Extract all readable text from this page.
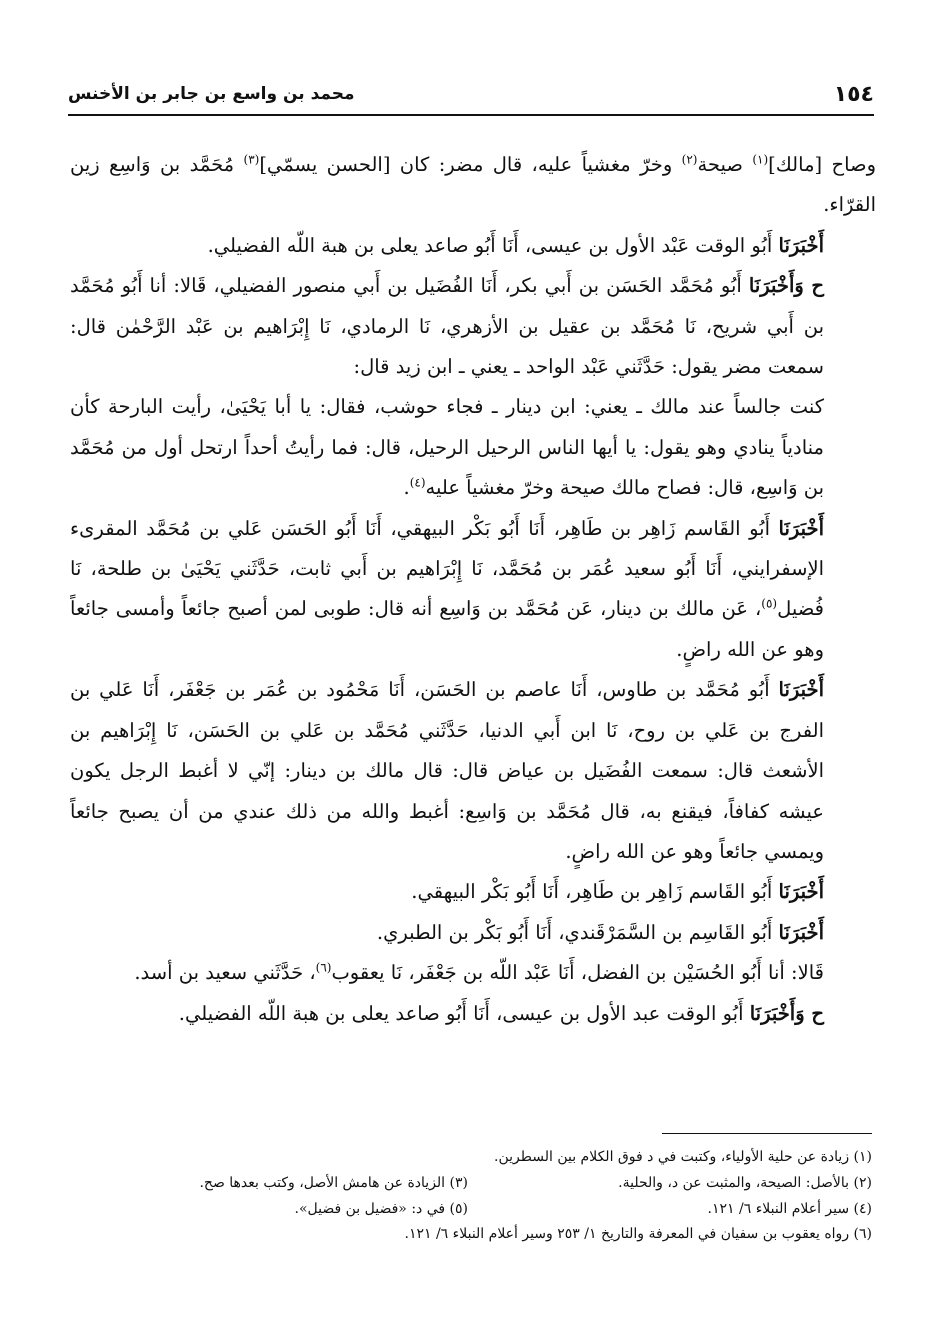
١٥٤
محمد بن واسع بن جابر بن الأخنس

وصاح [مالك]$^{(١)}$ صيحة$^{(٢)}$ وخرّ مغشياً عليه، قال مضر: كان [الحسن يسمّي]$^{(٣)}$ مُحَمَّد بن وَاسِع زين القرّاء.

أَخْبَرَنَا أَبُو الوقت عَبْد الأول بن عيسى، أَنَا أَبُو صاعد يعلى بن هبة اللّه الفضيلي.

ح وَأَخْبَرَنَا أَبُو مُحَمَّد الحَسَن بن أَبي بكر، أَنَا الفُضَيل بن أَبي منصور الفضيلي، قَالا: أنا أَبُو مُحَمَّد بن أَبي شريح، نَا مُحَمَّد بن عقيل بن الأزهري، نَا الرمادي، نَا إِبْرَاهيم بن عَبْد الرَّحْمٰن قال: سمعت مضر يقول: حَدَّثَني عَبْد الواحد ـ يعني ـ ابن زيد قال:

كنت جالساً عند مالك ـ يعني: ابن دينار ـ فجاء حوشب، فقال: يا أبا يَحْيَىٰ، رأيت البارحة كأن منادياً ينادي وهو يقول: يا أيها الناس الرحيل الرحيل، قال: فما رأيتُ أحداً ارتحل أول من مُحَمَّد بن وَاسِع، قال: فصاح مالك صيحة وخرّ مغشياً عليه$^{(٤)}$.

أَخْبَرَنَا أَبُو القَاسم زَاهِر بن طَاهِر، أَنَا أَبُو بَكْر البيهقي، أَنَا أَبُو الحَسَن عَلي بن مُحَمَّد المقرىء الإسفرايني، أَنَا أَبُو سعيد عُمَر بن مُحَمَّد، نَا إِبْرَاهيم بن أَبي ثابت، حَدَّثَني يَحْيَىٰ بن طلحة، نَا فُضيل$^{(٥)}$، عَن مالك بن دينار، عَن مُحَمَّد بن وَاسِع أنه قال: طوبى لمن أصبح جائعاً وأمسى جائعاً وهو عن الله راضٍ.

أَخْبَرَنَا أَبُو مُحَمَّد بن طاوس، أَنَا عاصم بن الحَسَن، أَنَا مَحْمُود بن عُمَر بن جَعْفَر، أَنَا عَلي بن الفرج بن عَلي بن روح، نَا ابن أَبي الدنيا، حَدَّثَني مُحَمَّد بن عَلي بن الحَسَن، نَا إِبْرَاهيم بن الأشعث قال: سمعت الفُضَيل بن عياض قال: قال مالك بن دينار: إنّي لا أغبط الرجل يكون عيشه كفافاً، فيقنع به، قال مُحَمَّد بن وَاسِع: أغبط والله من ذلك عندي من أن يصبح جائعاً ويمسي جائعاً وهو عن الله راضٍ.

أَخْبَرَنَا أَبُو القَاسم زَاهِر بن طَاهِر، أَنَا أَبُو بَكْر البيهقي.

أَخْبَرَنَا أَبُو القَاسِم بن السَّمَرْقَندي، أَنَا أَبُو بَكْر بن الطبري.

قَالا: أنا أَبُو الحُسَيْن بن الفضل، أَنَا عَبْد اللّه بن جَعْفَر، نَا يعقوب$^{(٦)}$، حَدَّثَني سعيد بن أسد.

ح وَأَخْبَرَنَا أَبُو الوقت عبد الأول بن عيسى، أَنَا أَبُو صاعد يعلى بن هبة اللّه الفضيلي.

(١) زيادة عن حلية الأولياء، وكتبت في د فوق الكلام بين السطرين.
(٢) بالأصل: الصيحة، والمثبت عن د، والحلية.
(٣) الزيادة عن هامش الأصل، وكتب بعدها صح.
(٤) سير أعلام النبلاء ٦/ ١٢١.
(٥) في د: «فضيل بن فضيل».
(٦) رواه يعقوب بن سفيان في المعرفة والتاريخ ١/ ٢٥٣ وسير أعلام النبلاء ٦/ ١٢١.
